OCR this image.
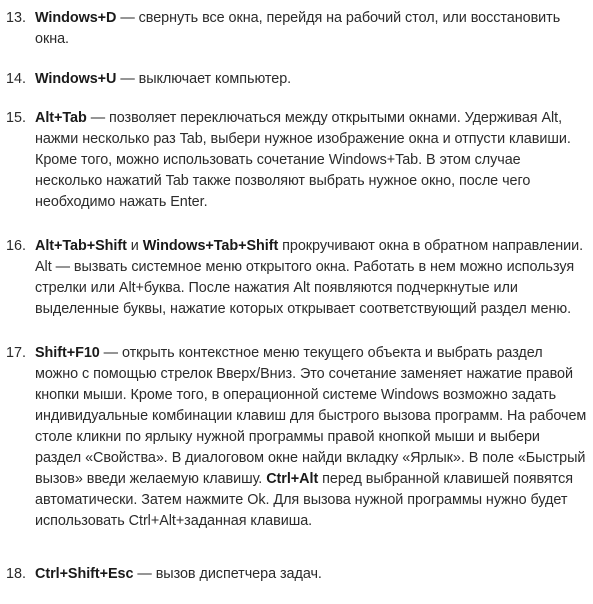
13. Windows+D — свернуть все окна, перейдя на рабочий стол, или восстановить
окна.
14. Windows+U — выключает компьютер.
15. Alt+Tab — позволяет переключаться между открытыми окнами. Удерживая Alt,
нажми несколько раз Tab, выбери нужное изображение окна и отпусти клавиши.
Кроме того, можно использовать сочетание Windows+Tab. В этом случае
несколько нажатий Tab также позволяют выбрать нужное окно, после чего
необходимо нажать Enter.
16. Alt+Tab+Shift и Windows+Tab+Shift прокручивают окна в обратном направлении.
Alt — вызвать системное меню открытого окна. Работать в нем можно используя
стрелки или Alt+буква. После нажатия Alt появляются подчеркнутые или
выделенные буквы, нажатие которых открывает соответствующий раздел меню.
17. Shift+F10 — открыть контекстное меню текущего объекта и выбрать раздел
можно с помощью стрелок Вверх/Вниз. Это сочетание заменяет нажатие правой
кнопки мыши. Кроме того, в операционной системе Windows возможно задать
индивидуальные комбинации клавиш для быстрого вызова программ. На рабочем
столе кликни по ярлыку нужной программы правой кнопкой мыши и выбери
раздел «Свойства». В диалоговом окне найди вкладку «Ярлык». В поле «Быстрый
вызов» введи желаемую клавишу. Ctrl+Alt перед выбранной клавишей появятся
автоматически. Затем нажмите Ok. Для вызова нужной программы нужно будет
использовать Ctrl+Alt+заданная клавиша.
18. Ctrl+Shift+Esc — вызов диспетчера задач.
